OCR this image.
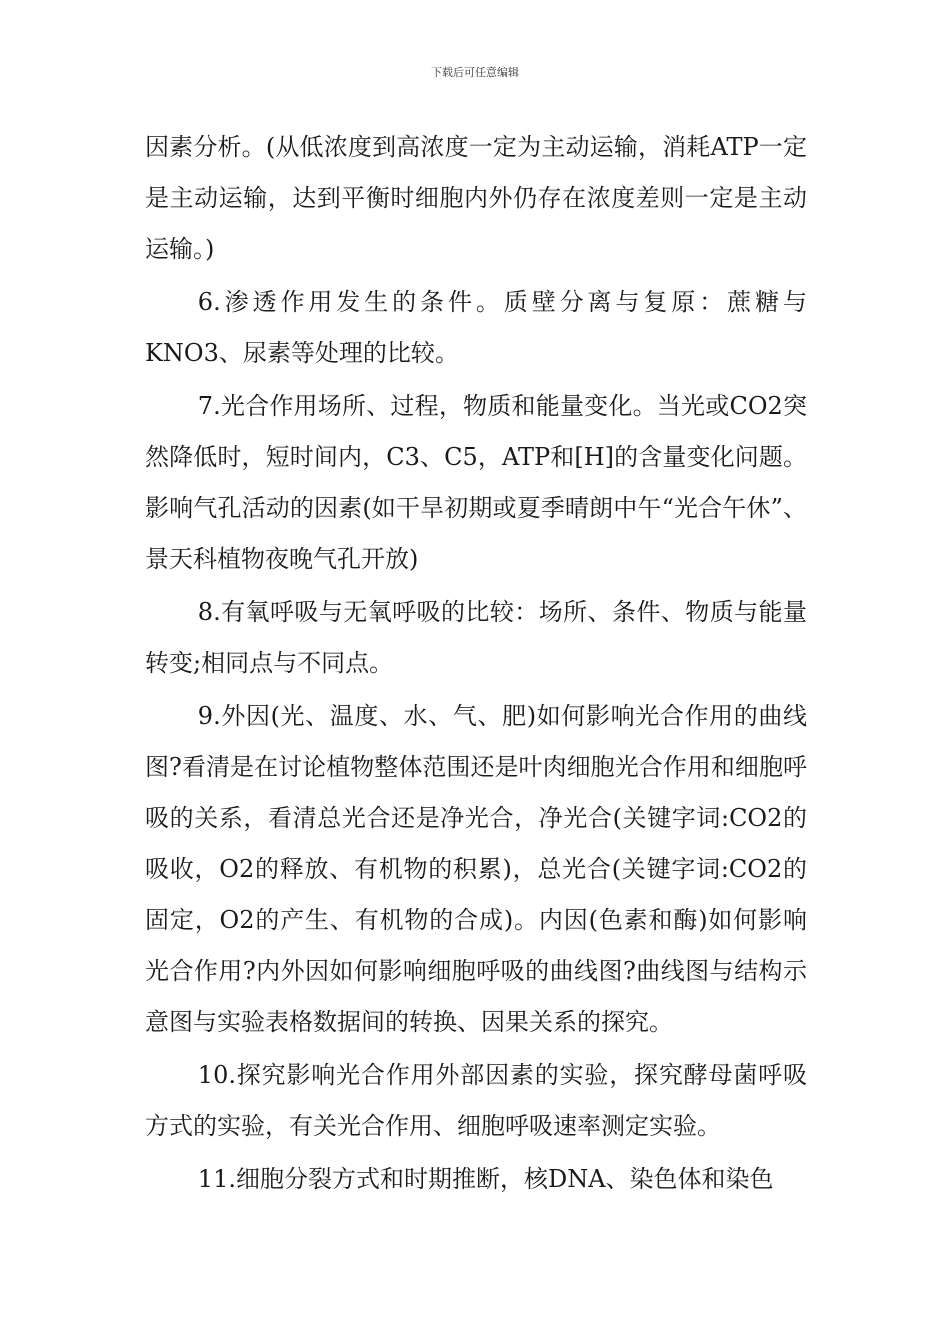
下载后可任意编辑

因素分析。(从低浓度到高浓度一定为主动运输，消耗ATP一定是主动运输，达到平衡时细胞内外仍存在浓度差则一定是主动运输。)

6.渗透作用发生的条件。质壁分离与复原：蔗糖与KNO3、尿素等处理的比较。

7.光合作用场所、过程，物质和能量变化。当光或CO2突然降低时，短时间内，C3、C5，ATP和[H]的含量变化问题。影响气孔活动的因素(如干旱初期或夏季晴朗中午“光合午休”、景天科植物夜晚气孔开放)

8.有氧呼吸与无氧呼吸的比较：场所、条件、物质与能量转变;相同点与不同点。

9.外因(光、温度、水、气、肥)如何影响光合作用的曲线图?看清是在讨论植物整体范围还是叶肉细胞光合作用和细胞呼吸的关系，看清总光合还是净光合，净光合(关键字词:CO2的吸收，O2的释放、有机物的积累)，总光合(关键字词:CO2的固定，O2的产生、有机物的合成)。内因(色素和酶)如何影响光合作用?内外因如何影响细胞呼吸的曲线图?曲线图与结构示意图与实验表格数据间的转换、因果关系的探究。

10.探究影响光合作用外部因素的实验，探究酵母菌呼吸方式的实验，有关光合作用、细胞呼吸速率测定实验。

11.细胞分裂方式和时期推断，核DNA、染色体和染色
